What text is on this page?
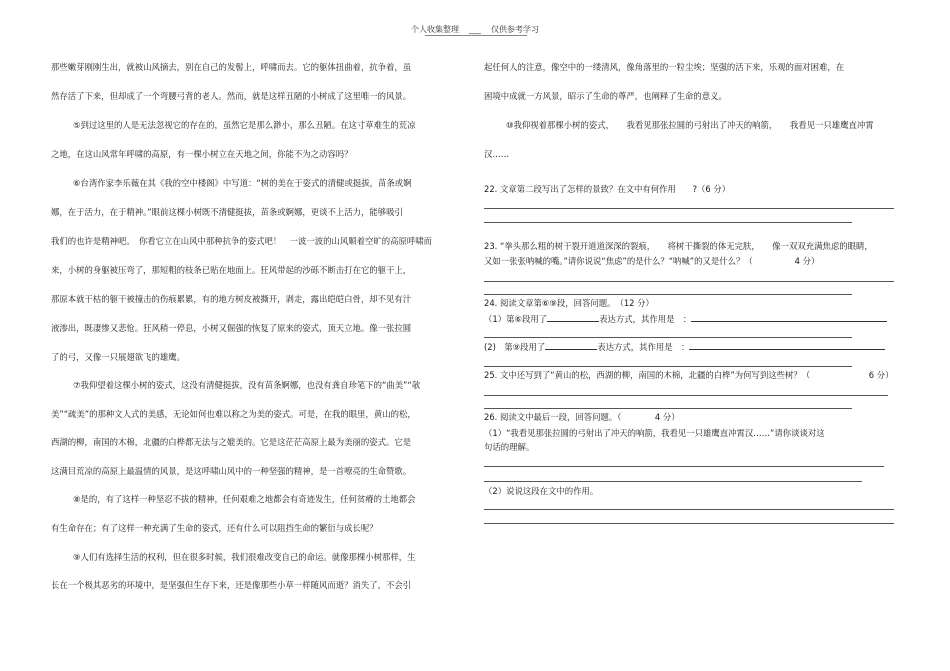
个人收集整理 ___ 仅供参考学习
那些嫩芽刚刚生出，就被山风摘去，别在自己的发髻上，呼啸而去。它的躯体扭曲着，抗争着，虽
然存活了下来，但却成了一个弯腰弓背的老人。然而，就是这样丑陋的小树成了这里唯一的风景。
⑤到过这里的人是无法忽视它的存在的，虽然它是那么渺小，那么丑陋。在这寸草难生的荒凉
之地，在这山风常年呼啸的高原，有一棵小树立在天地之间，你能不为之动容吗？
⑥台湾作家李乐薇在其《我的空中楼阁》中写道：“树的美在于姿式的清健或挺拔，苗条或婀
娜，在于活力，在于精神。”眼前这棵小树既不清健挺拔，苗条或婀娜，更谈不上活力，能够吸引
我们的也许是精神吧。　你看它立在山风中那种抗争的姿式吧！　一波一波的山风顺着空旷的高原呼啸而
来，小树的身躯被压弯了，那短粗的枝条已贴在地面上。狂风带起的沙砾不断击打在它的躯干上，
那原本就干枯的躯干被撞击的伤痕累累，有的地方树皮被撕开，剥走，露出皑皑白骨，却不见有汁
液渗出，既凄惨又悲怆。狂风稍一停息，小树又倔强的恢复了原来的姿式，顶天立地。像一张拉圆
了的弓，又像一只展翅欲飞的雄鹰。
⑦我仰望着这棵小树的姿式，这没有清健挺拔，没有苗条婀娜，也没有龚自珍笔下的“曲美”“欹
美”“疏美”的那种文人式的美感，无论如何也难以称之为美的姿式。可是，在我的眼里，黄山的松，
西湖的柳，南国的木棉，北疆的白桦都无法与之媲美的。它是这茫茫高原上最为美丽的姿式。它是
这满目荒凉的高原上最温情的风景，是这呼啸山风中的一种坚强的精神，是一首嘹亮的生命赞歌。
⑧是的，有了这样一种坚忍不拔的精神，任何艰难之地都会有奇迹发生，任何贫瘠的土地都会
有生命存在；有了这样一种充满了生命的姿式，还有什么可以阻挡生命的繁衍与成长呢？
⑨人们有选择生活的权利，但在很多时候，我们很难改变自己的命运。就像那棵小树那样，生
长在一个极其恶劣的环境中，是坚强但生存下来，还是像那些小草一样随风而逝？消失了，不会引
起任何人的注意，像空中的一缕清风，像角落里的一粒尘埃；坚强的活下来，乐观的面对困难，在
困境中成就一方风景，昭示了生命的尊严，也阐释了生命的意义。
⑩我仰视着那棵小树的姿式，　　我看见那张拉圆的弓射出了冲天的响箭，　　我看见一只雄鹰直冲霄
汉……
22. 文章第二段写出了怎样的景致？在文中有何作用　　?（6 分）
23. “拳头那么粗的树干裂开道道深深的裂痕，　　将树干撕裂的体无完肤，　　像一双双充满焦虑的眼睛，
又如一张张呐喊的嘴。”请你说说“焦虑”的是什么？“呐喊”的又是什么？（　　　　　4 分）
24. 阅读文章第⑥⑨段，回答问题。　（12 分）
（1）第⑥段用了	表达方式，其作用是　：
(2)　第⑨段用了	表达方式，其作用是　：
25. 文中还写到了“黄山的松，西湖的柳，南国的木棉，北疆的白桦”为何写到这些树？（　　　　　　　6 分）
26. 阅读文中最后一段，回答问题。（　　　　4 分）
（1）“我看见那张拉圆的弓射出了冲天的响箭，我看见一只雄鹰直冲霄汉……”请你谈谈对这
句话的理解。
（2）说说这段在文中的作用。
